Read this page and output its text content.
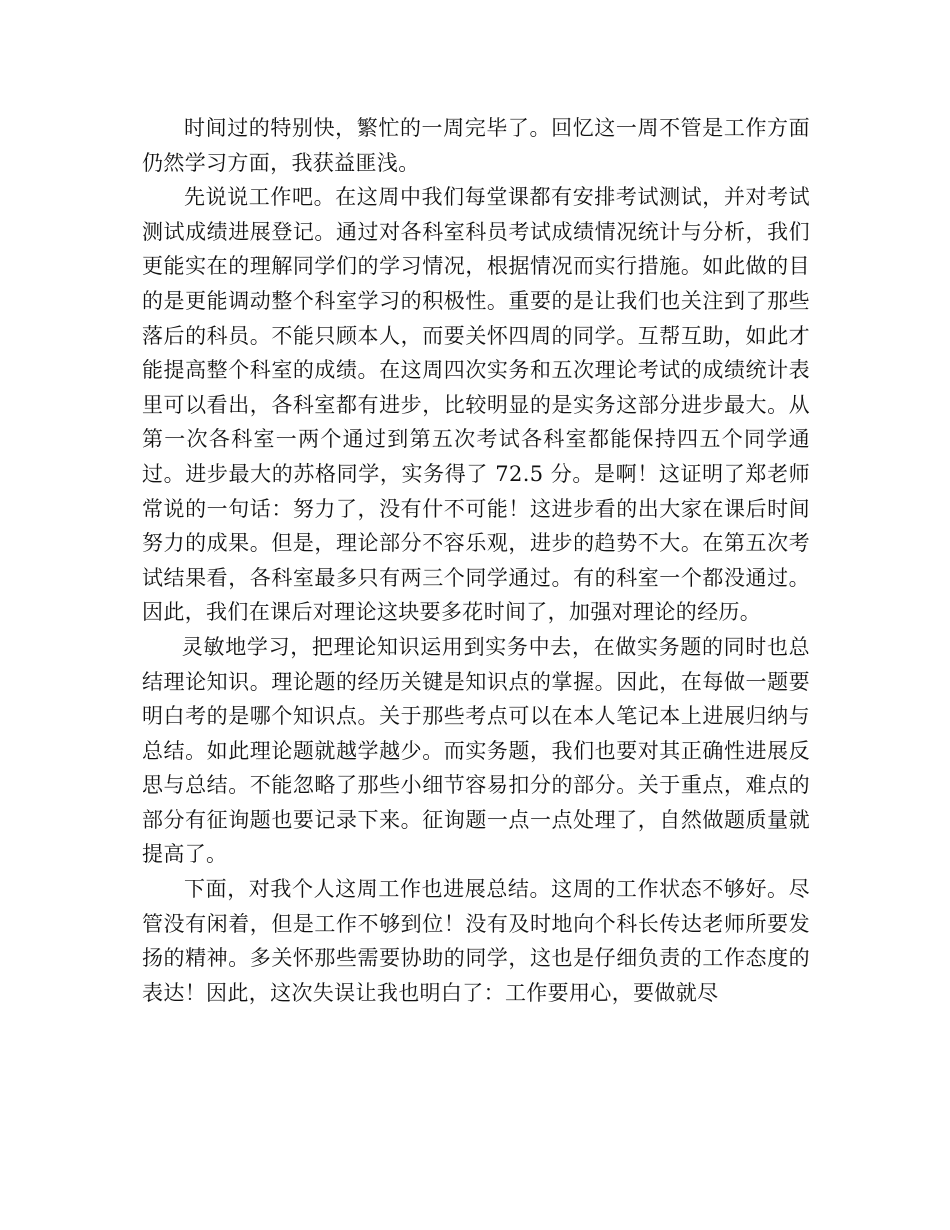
时间过的特别快，繁忙的一周完毕了。回忆这一周不管是工作方面仍然学习方面，我获益匪浅。

先说说工作吧。在这周中我们每堂课都有安排考试测试，并对考试测试成绩进展登记。通过对各科室科员考试成绩情况统计与分析，我们更能实在的理解同学们的学习情况，根据情况而实行措施。如此做的目的是更能调动整个科室学习的积极性。重要的是让我们也关注到了那些落后的科员。不能只顾本人，而要关怀四周的同学。互帮互助，如此才能提高整个科室的成绩。在这周四次实务和五次理论考试的成绩统计表里可以看出，各科室都有进步，比较明显的是实务这部分进步最大。从第一次各科室一两个通过到第五次考试各科室都能保持四五个同学通过。进步最大的苏格同学，实务得了 72.5 分。是啊！这证明了郑老师常说的一句话：努力了，没有什不可能！这进步看的出大家在课后时间努力的成果。但是，理论部分不容乐观，进步的趋势不大。在第五次考试结果看，各科室最多只有两三个同学通过。有的科室一个都没通过。因此，我们在课后对理论这块要多花时间了，加强对理论的经历。

灵敏地学习，把理论知识运用到实务中去，在做实务题的同时也总结理论知识。理论题的经历关键是知识点的掌握。因此，在每做一题要明白考的是哪个知识点。关于那些考点可以在本人笔记本上进展归纳与总结。如此理论题就越学越少。而实务题，我们也要对其正确性进展反思与总结。不能忽略了那些小细节容易扣分的部分。关于重点，难点的部分有征询题也要记录下来。征询题一点一点处理了，自然做题质量就提高了。

下面，对我个人这周工作也进展总结。这周的工作状态不够好。尽管没有闲着，但是工作不够到位！没有及时地向个科长传达老师所要发扬的精神。多关怀那些需要协助的同学，这也是仔细负责的工作态度的表达！因此，这次失误让我也明白了：工作要用心，要做就尽
